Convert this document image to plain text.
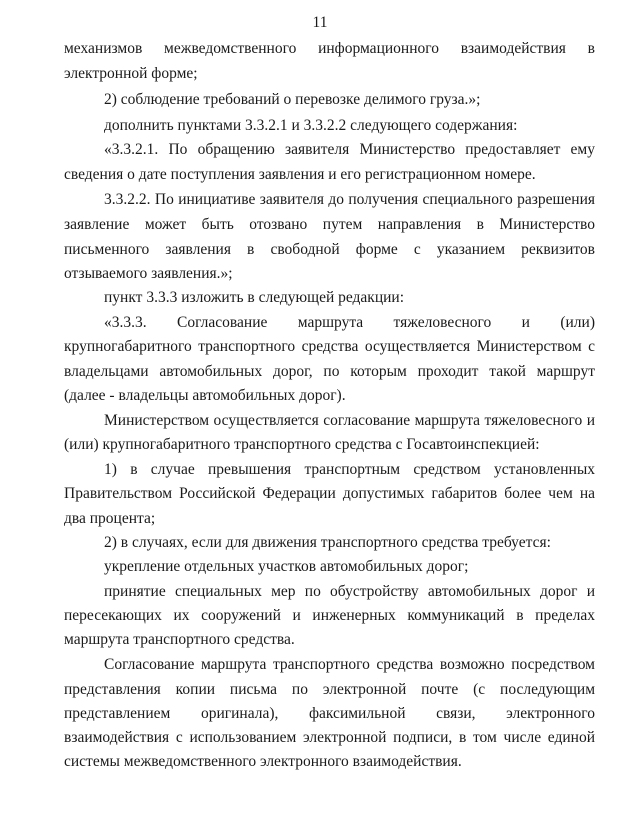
11
механизмов межведомственного информационного взаимодействия в
электронной форме;
2) соблюдение требований о перевозке делимого груза.»;
дополнить пунктами 3.3.2.1 и 3.3.2.2 следующего содержания:
«3.3.2.1. По обращению заявителя Министерство предоставляет ему
сведения о дате поступления заявления и его регистрационном номере.
3.3.2.2. По инициативе заявителя до получения специального разрешения
заявление может быть отозвано путем направления в Министерство
письменного заявления в свободной форме с указанием реквизитов
отзываемого заявления.»;
пункт 3.3.3 изложить в следующей редакции:
«3.3.3. Согласование маршрута тяжеловесного и (или)
крупногабаритного транспортного средства осуществляется Министерством с
владельцами автомобильных дорог, по которым проходит такой маршрут
(далее - владельцы автомобильных дорог).
Министерством осуществляется согласование маршрута тяжеловесного и
(или) крупногабаритного транспортного средства с Госавтоинспекцией:
1) в случае превышения транспортным средством установленных
Правительством Российской Федерации допустимых габаритов более чем на
два процента;
2) в случаях, если для движения транспортного средства требуется:
укрепление отдельных участков автомобильных дорог;
принятие специальных мер по обустройству автомобильных дорог и
пересекающих их сооружений и инженерных коммуникаций в пределах
маршрута транспортного средства.
Согласование маршрута транспортного средства возможно посредством
представления копии письма по электронной почте (с последующим
представлением оригинала), факсимильной связи, электронного
взаимодействия с использованием электронной подписи, в том числе единой
системы межведомственного электронного взаимодействия.
